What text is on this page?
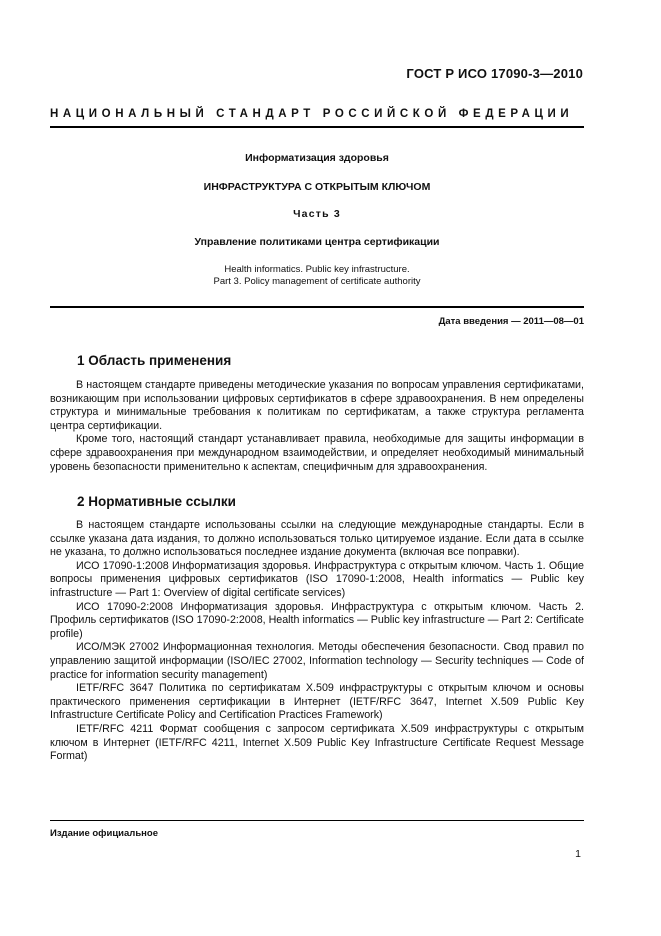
ГОСТ Р ИСО 17090-3—2010
НАЦИОНАЛЬНЫЙ СТАНДАРТ РОССИЙСКОЙ ФЕДЕРАЦИИ
Информатизация здоровья
ИНФРАСТРУКТУРА С ОТКРЫТЫМ КЛЮЧОМ
Часть 3
Управление политиками центра сертификации
Health informatics. Public key infrastructure.
Part 3. Policy management of certificate authority
Дата введения — 2011—08—01
1 Область применения

В настоящем стандарте приведены методические указания по вопросам управления сертификатами, возникающим при использовании цифровых сертификатов в сфере здравоохранения. В нем определены структура и минимальные требования к политикам по сертификатам, а также структура регламента центра сертификации.

Кроме того, настоящий стандарт устанавливает правила, необходимые для защиты информации в сфере здравоохранения при международном взаимодействии, и определяет необходимый минимальный уровень безопасности применительно к аспектам, специфичным для здравоохранения.

2 Нормативные ссылки

В настоящем стандарте использованы ссылки на следующие международные стандарты. Если в ссылке указана дата издания, то должно использоваться только цитируемое издание. Если дата в ссылке не указана, то должно использоваться последнее издание документа (включая все поправки).

ИСО 17090-1:2008 Информатизация здоровья. Инфраструктура с открытым ключом. Часть 1. Общие вопросы применения цифровых сертификатов (ISO 17090-1:2008, Health informatics — Public key infrastructure — Part 1: Overview of digital certificate services)

ИСО 17090-2:2008 Информатизация здоровья. Инфраструктура с открытым ключом. Часть 2. Профиль сертификатов (ISO 17090-2:2008, Health informatics — Public key infrastructure — Part 2: Certificate profile)

ИСО/МЭК 27002 Информационная технология. Методы обеспечения безопасности. Свод правил по управлению защитой информации (ISO/IEC 27002, Information technology — Security techniques — Code of practice for information security management)

IETF/RFC 3647 Политика по сертификатам X.509 инфраструктуры с открытым ключом и основы практического применения сертификации в Интернет (IETF/RFC 3647, Internet X.509 Public Key Infrastructure Certificate Policy and Certification Practices Framework)

IETF/RFC 4211 Формат сообщения с запросом сертификата X.509 инфраструктуры с открытым ключом в Интернет (IETF/RFC 4211, Internet X.509 Public Key Infrastructure Certificate Request Message Format)

Издание официальное
1
